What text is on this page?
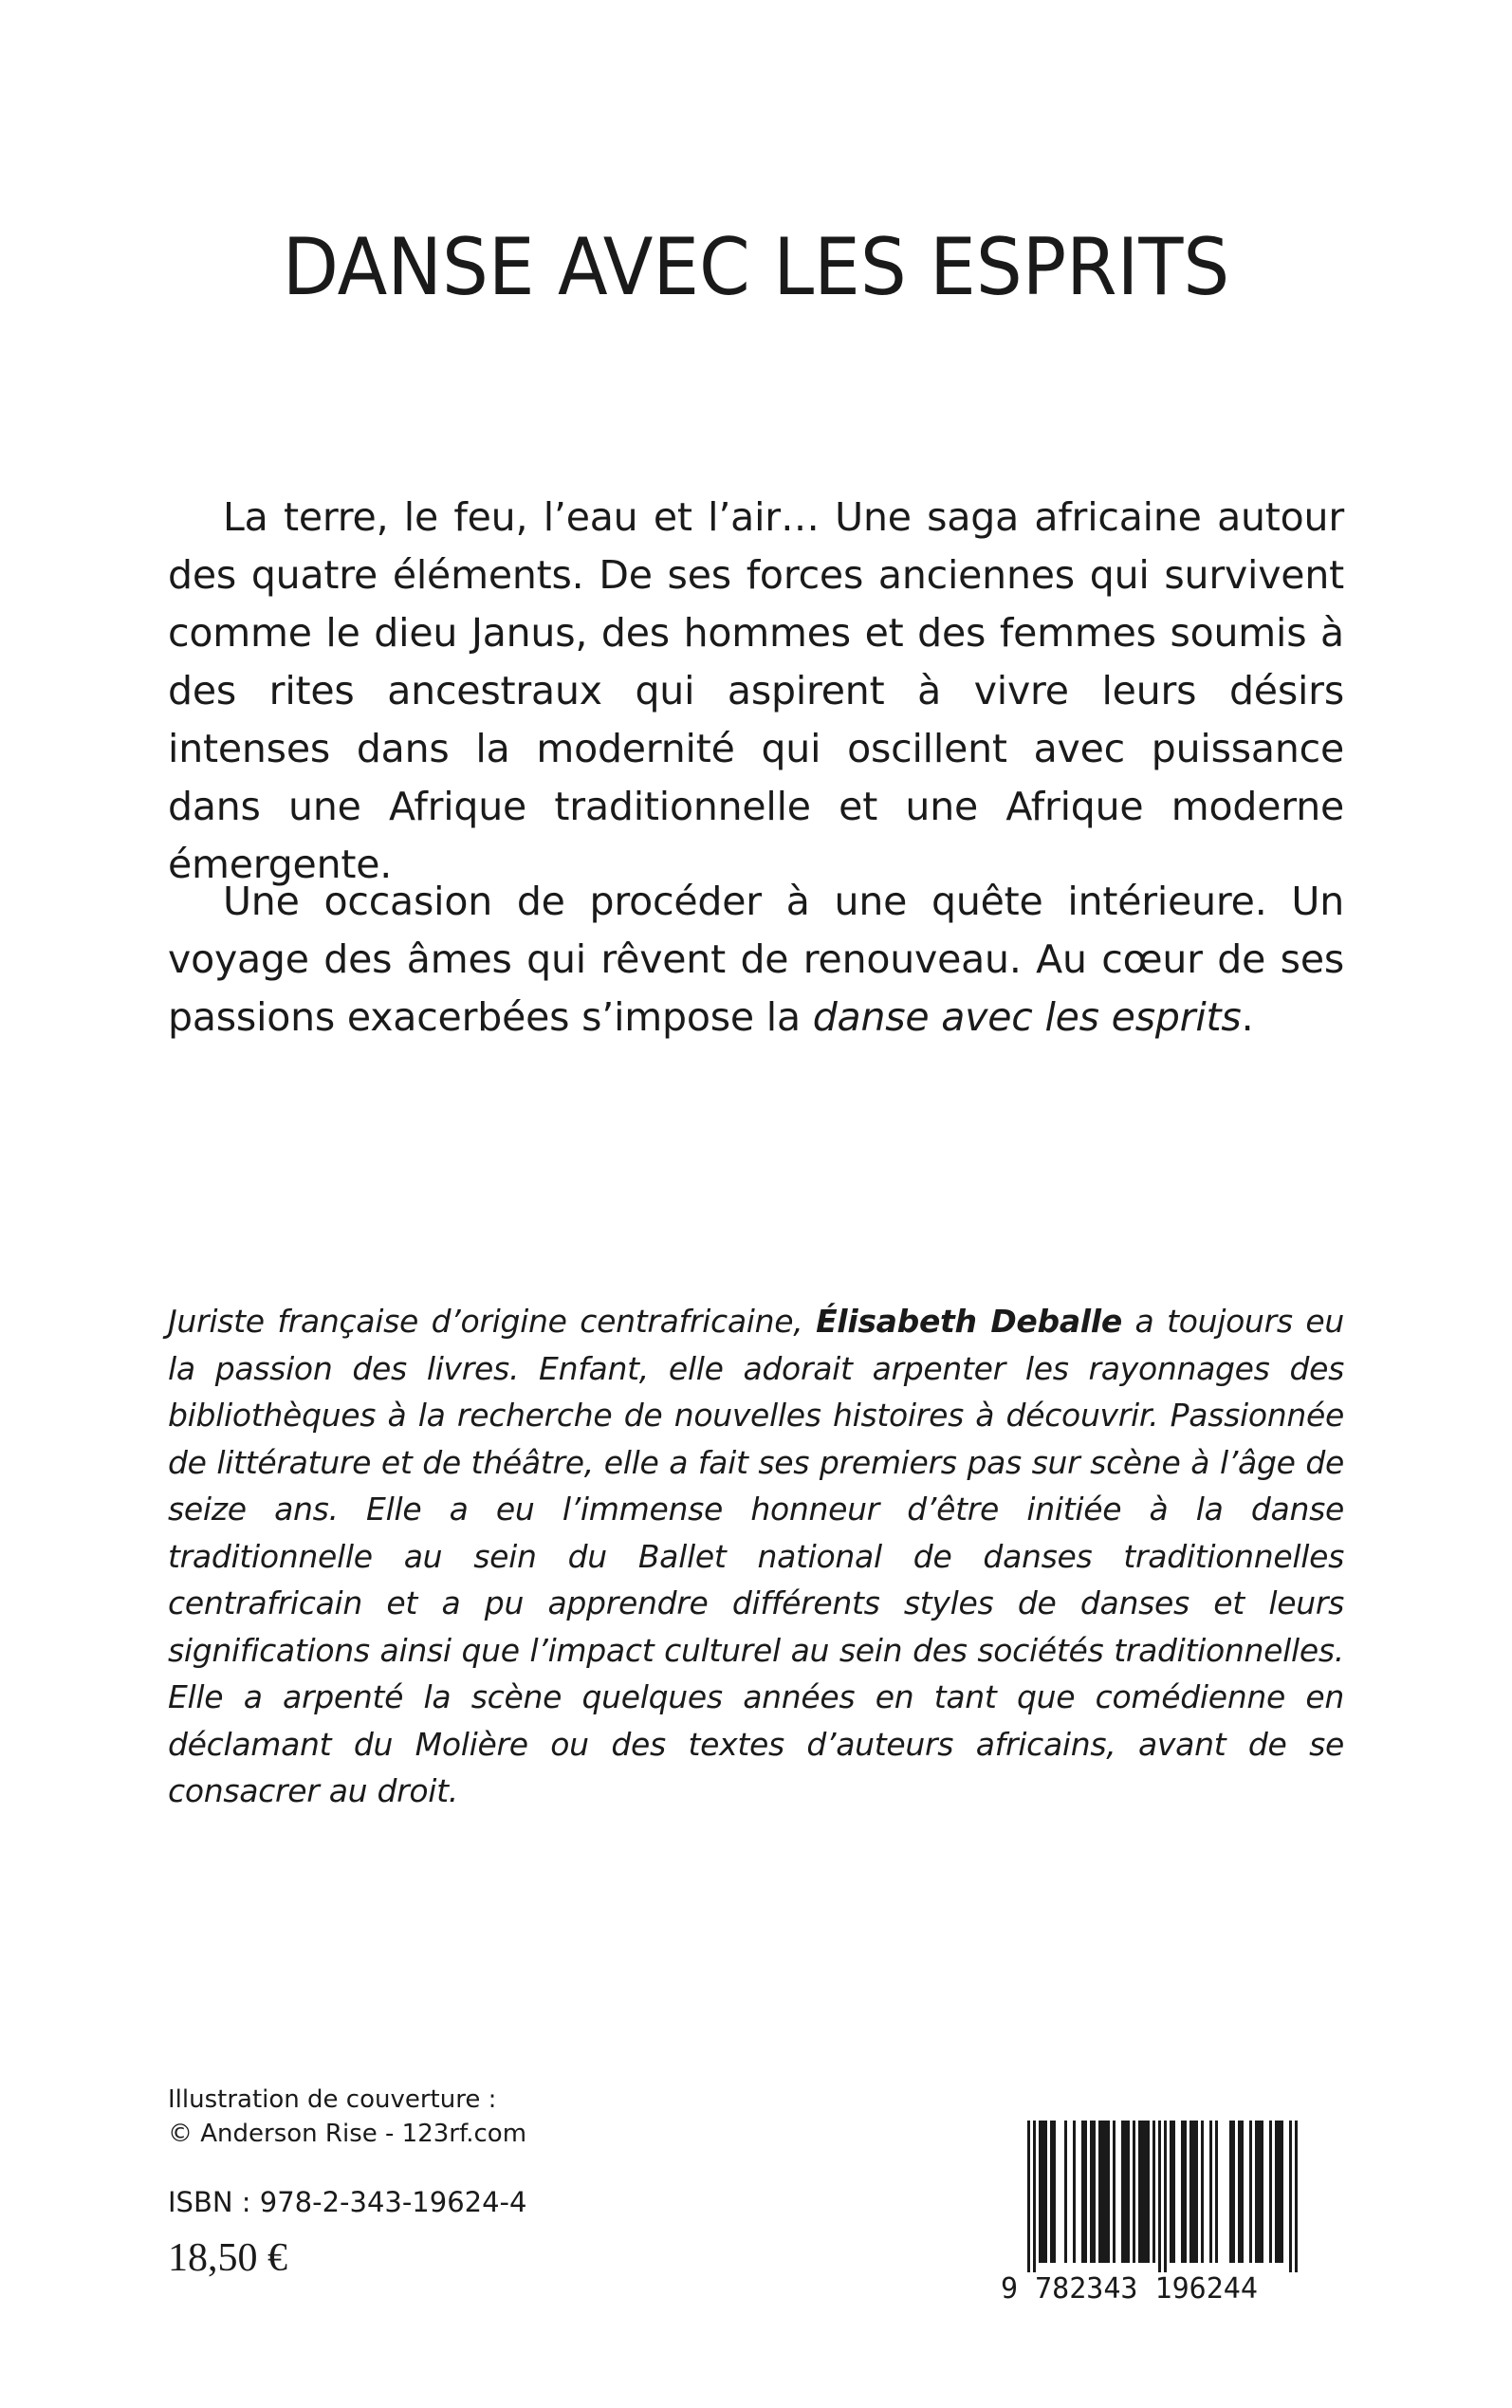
DANSE AVEC LES ESPRITS

La terre, le feu, l’eau et l’air… Une saga africaine autour des quatre éléments. De ses forces anciennes qui survivent comme le dieu Janus, des hommes et des femmes soumis à des rites ancestraux qui aspirent à vivre leurs désirs intenses dans la modernité qui oscillent avec puissance dans une Afrique traditionnelle et une Afrique moderne émergente.

Une occasion de procéder à une quête intérieure. Un voyage des âmes qui rêvent de renouveau. Au cœur de ses passions exacerbées s’impose la danse avec les esprits.

Juriste française d’origine centrafricaine, Élisabeth Deballe a toujours eu la passion des livres. Enfant, elle adorait arpenter les rayonnages des bibliothèques à la recherche de nouvelles histoires à découvrir. Passionnée de littérature et de théâtre, elle a fait ses premiers pas sur scène à l’âge de seize ans. Elle a eu l’immense honneur d’être initiée à la danse traditionnelle au sein du Ballet national de danses traditionnelles centrafricain et a pu apprendre différents styles de danses et leurs significations ainsi que l’impact culturel au sein des sociétés traditionnelles. Elle a arpenté la scène quelques années en tant que comédienne en déclamant du Molière ou des textes d’auteurs africains, avant de se consacrer au droit.

Illustration de couverture :
© Anderson Rise - 123rf.com
ISBN : 978-2-343-19624-4
18,50 €
9 782343 196244
